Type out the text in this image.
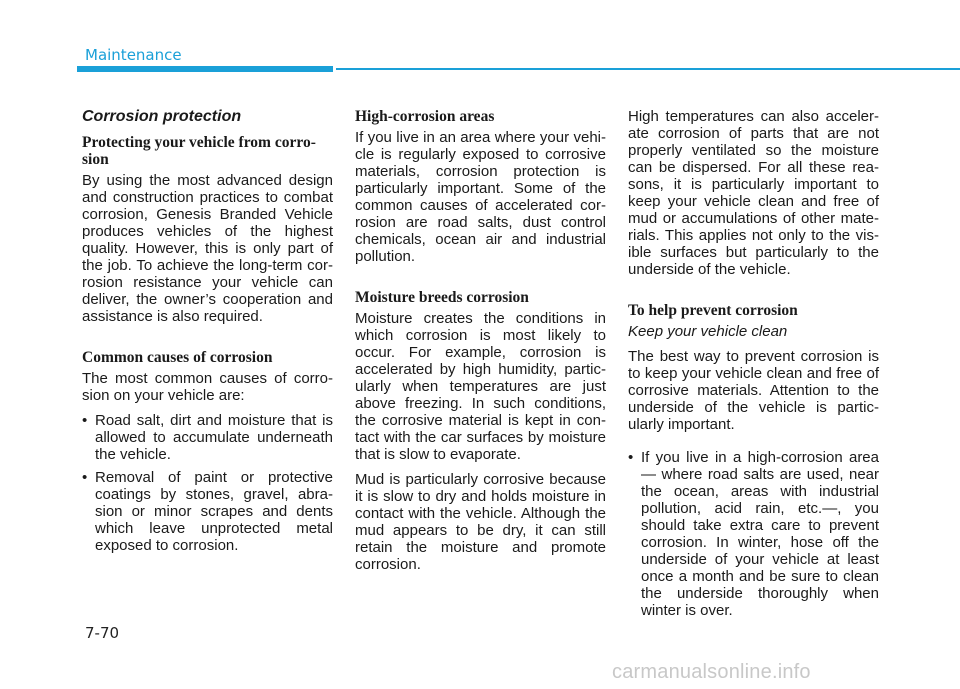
Maintenance
Corrosion protection
Protecting your vehicle from corro-sion

By using the most advanced design and construction practices to combat corrosion, Genesis Branded Vehicle produces vehicles of the highest quality. However, this is only part of the job. To achieve the long-term cor-rosion resistance your vehicle can deliver, the owner’s cooperation and assistance is also required.

Common causes of corrosion

The most common causes of corro-sion on your vehicle are:

• Road salt, dirt and moisture that is allowed to accumulate underneath the vehicle.
• Removal of paint or protective coatings by stones, gravel, abra-sion or minor scrapes and dents which leave unprotected metal exposed to corrosion.
High-corrosion areas

If you live in an area where your vehi-cle is regularly exposed to corrosive materials, corrosion protection is particularly important. Some of the common causes of accelerated cor-rosion are road salts, dust control chemicals, ocean air and industrial pollution.

Moisture breeds corrosion

Moisture creates the conditions in which corrosion is most likely to occur. For example, corrosion is accelerated by high humidity, partic-ularly when temperatures are just above freezing. In such conditions, the corrosive material is kept in con-tact with the car surfaces by moisture that is slow to evaporate.

Mud is particularly corrosive because it is slow to dry and holds moisture in contact with the vehicle. Although the mud appears to be dry, it can still retain the moisture and promote corrosion.

High temperatures can also acceler-ate corrosion of parts that are not properly ventilated so the moisture can be dispersed. For all these rea-sons, it is particularly important to keep your vehicle clean and free of mud or accumulations of other mate-rials. This applies not only to the vis-ible surfaces but particularly to the underside of the vehicle.

To help prevent corrosion
Keep your vehicle clean

The best way to prevent corrosion is to keep your vehicle clean and free of corrosive materials. Attention to the underside of the vehicle is partic-ularly important.

• If you live in a high-corrosion area — where road salts are used, near the ocean, areas with industrial pollution, acid rain, etc.—, you should take extra care to prevent corrosion. In winter, hose off the underside of your vehicle at least once a month and be sure to clean the underside thoroughly when winter is over.
7-70
carmanualsonline.info
